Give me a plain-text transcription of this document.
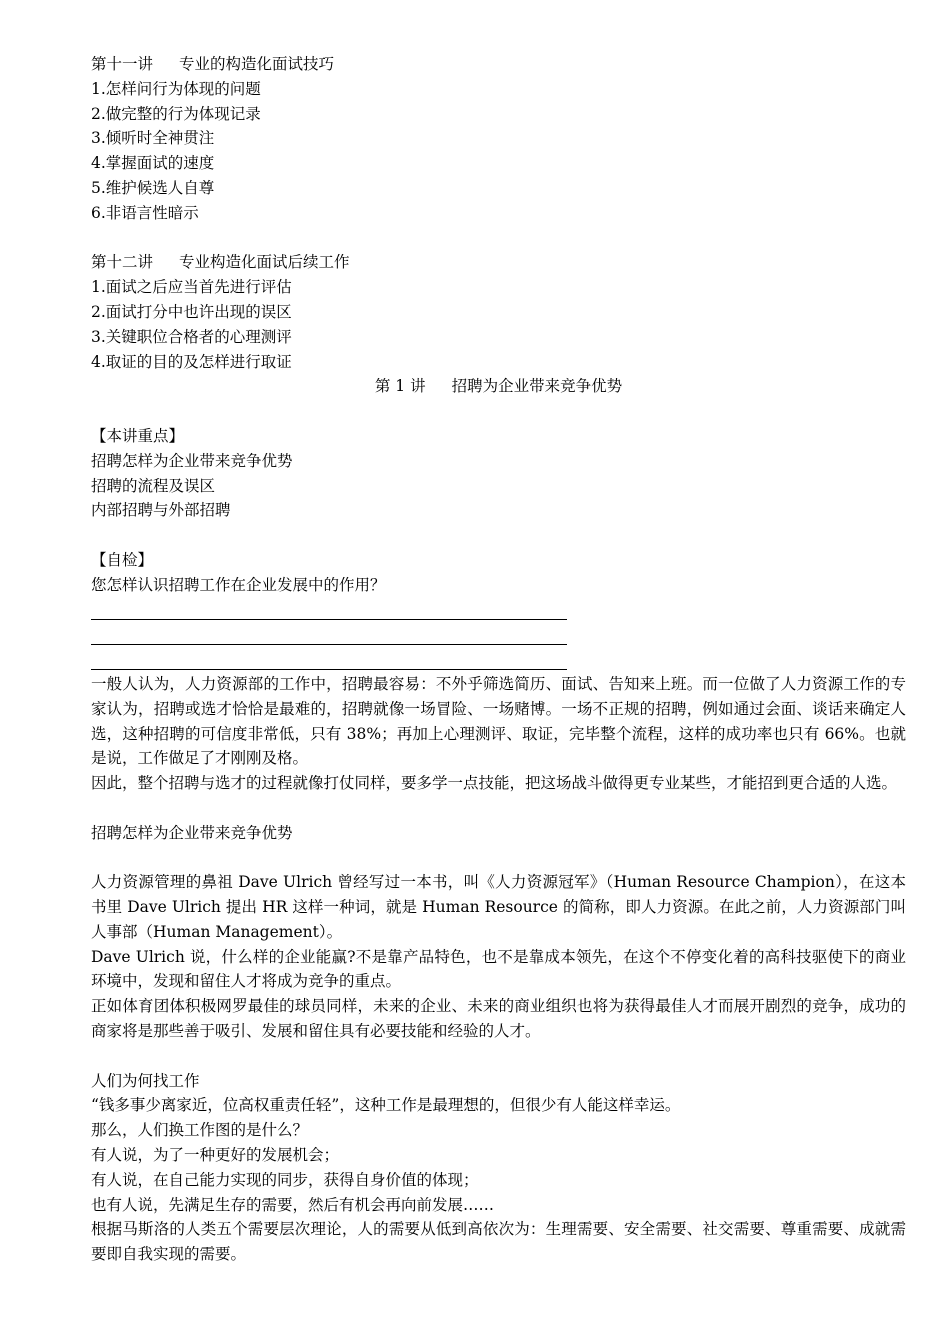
第十一讲 专业的构造化面试技巧
1.怎样问行为体现的问题
2.做完整的行为体现记录
3.倾听时全神贯注
4.掌握面试的速度
5.维护候选人自尊
6.非语言性暗示
第十二讲 专业构造化面试后续工作
1.面试之后应当首先进行评估
2.面试打分中也许出现的误区
3.关键职位合格者的心理测评
4.取证的目的及怎样进行取证
第 1 讲 招聘为企业带来竞争优势
【本讲重点】
招聘怎样为企业带来竞争优势
招聘的流程及误区
内部招聘与外部招聘
【自检】
您怎样认识招聘工作在企业发展中的作用？

一般人认为，人力资源部的工作中，招聘最容易：不外乎筛选简历、面试、告知来上班。而一位做了人力资源工作的专家认为，招聘或选才恰恰是最难的，招聘就像一场冒险、一场赌博。一场不正规的招聘，例如通过会面、谈话来确定人选，这种招聘的可信度非常低，只有 38%；再加上心理测评、取证，完毕整个流程，这样的成功率也只有 66%。也就是说，工作做足了才刚刚及格。

因此，整个招聘与选才的过程就像打仗同样，要多学一点技能，把这场战斗做得更专业某些，才能招到更合适的人选。

招聘怎样为企业带来竞争优势

人力资源管理的鼻祖 Dave Ulrich 曾经写过一本书，叫《人力资源冠军》（Human Resource Champion），在这本书里 Dave Ulrich 提出 HR 这样一种词，就是 Human Resource 的简称，即人力资源。在此之前，人力资源部门叫人事部（Human Management）。

Dave Ulrich 说，什么样的企业能赢?不是靠产品特色，也不是靠成本领先，在这个不停变化着的高科技驱使下的商业环境中，发现和留住人才将成为竞争的重点。

正如体育团体积极网罗最佳的球员同样，未来的企业、未来的商业组织也将为获得最佳人才而展开剧烈的竞争，成功的商家将是那些善于吸引、发展和留住具有必要技能和经验的人才。

人们为何找工作

“钱多事少离家近，位高权重责任轻”，这种工作是最理想的，但很少有人能这样幸运。

那么，人们换工作图的是什么？

有人说，为了一种更好的发展机会；

有人说，在自己能力实现的同步，获得自身价值的体现；

也有人说，先满足生存的需要，然后有机会再向前发展……

根据马斯洛的人类五个需要层次理论，人的需要从低到高依次为：生理需要、安全需要、社交需要、尊重需要、成就需要即自我实现的需要。
